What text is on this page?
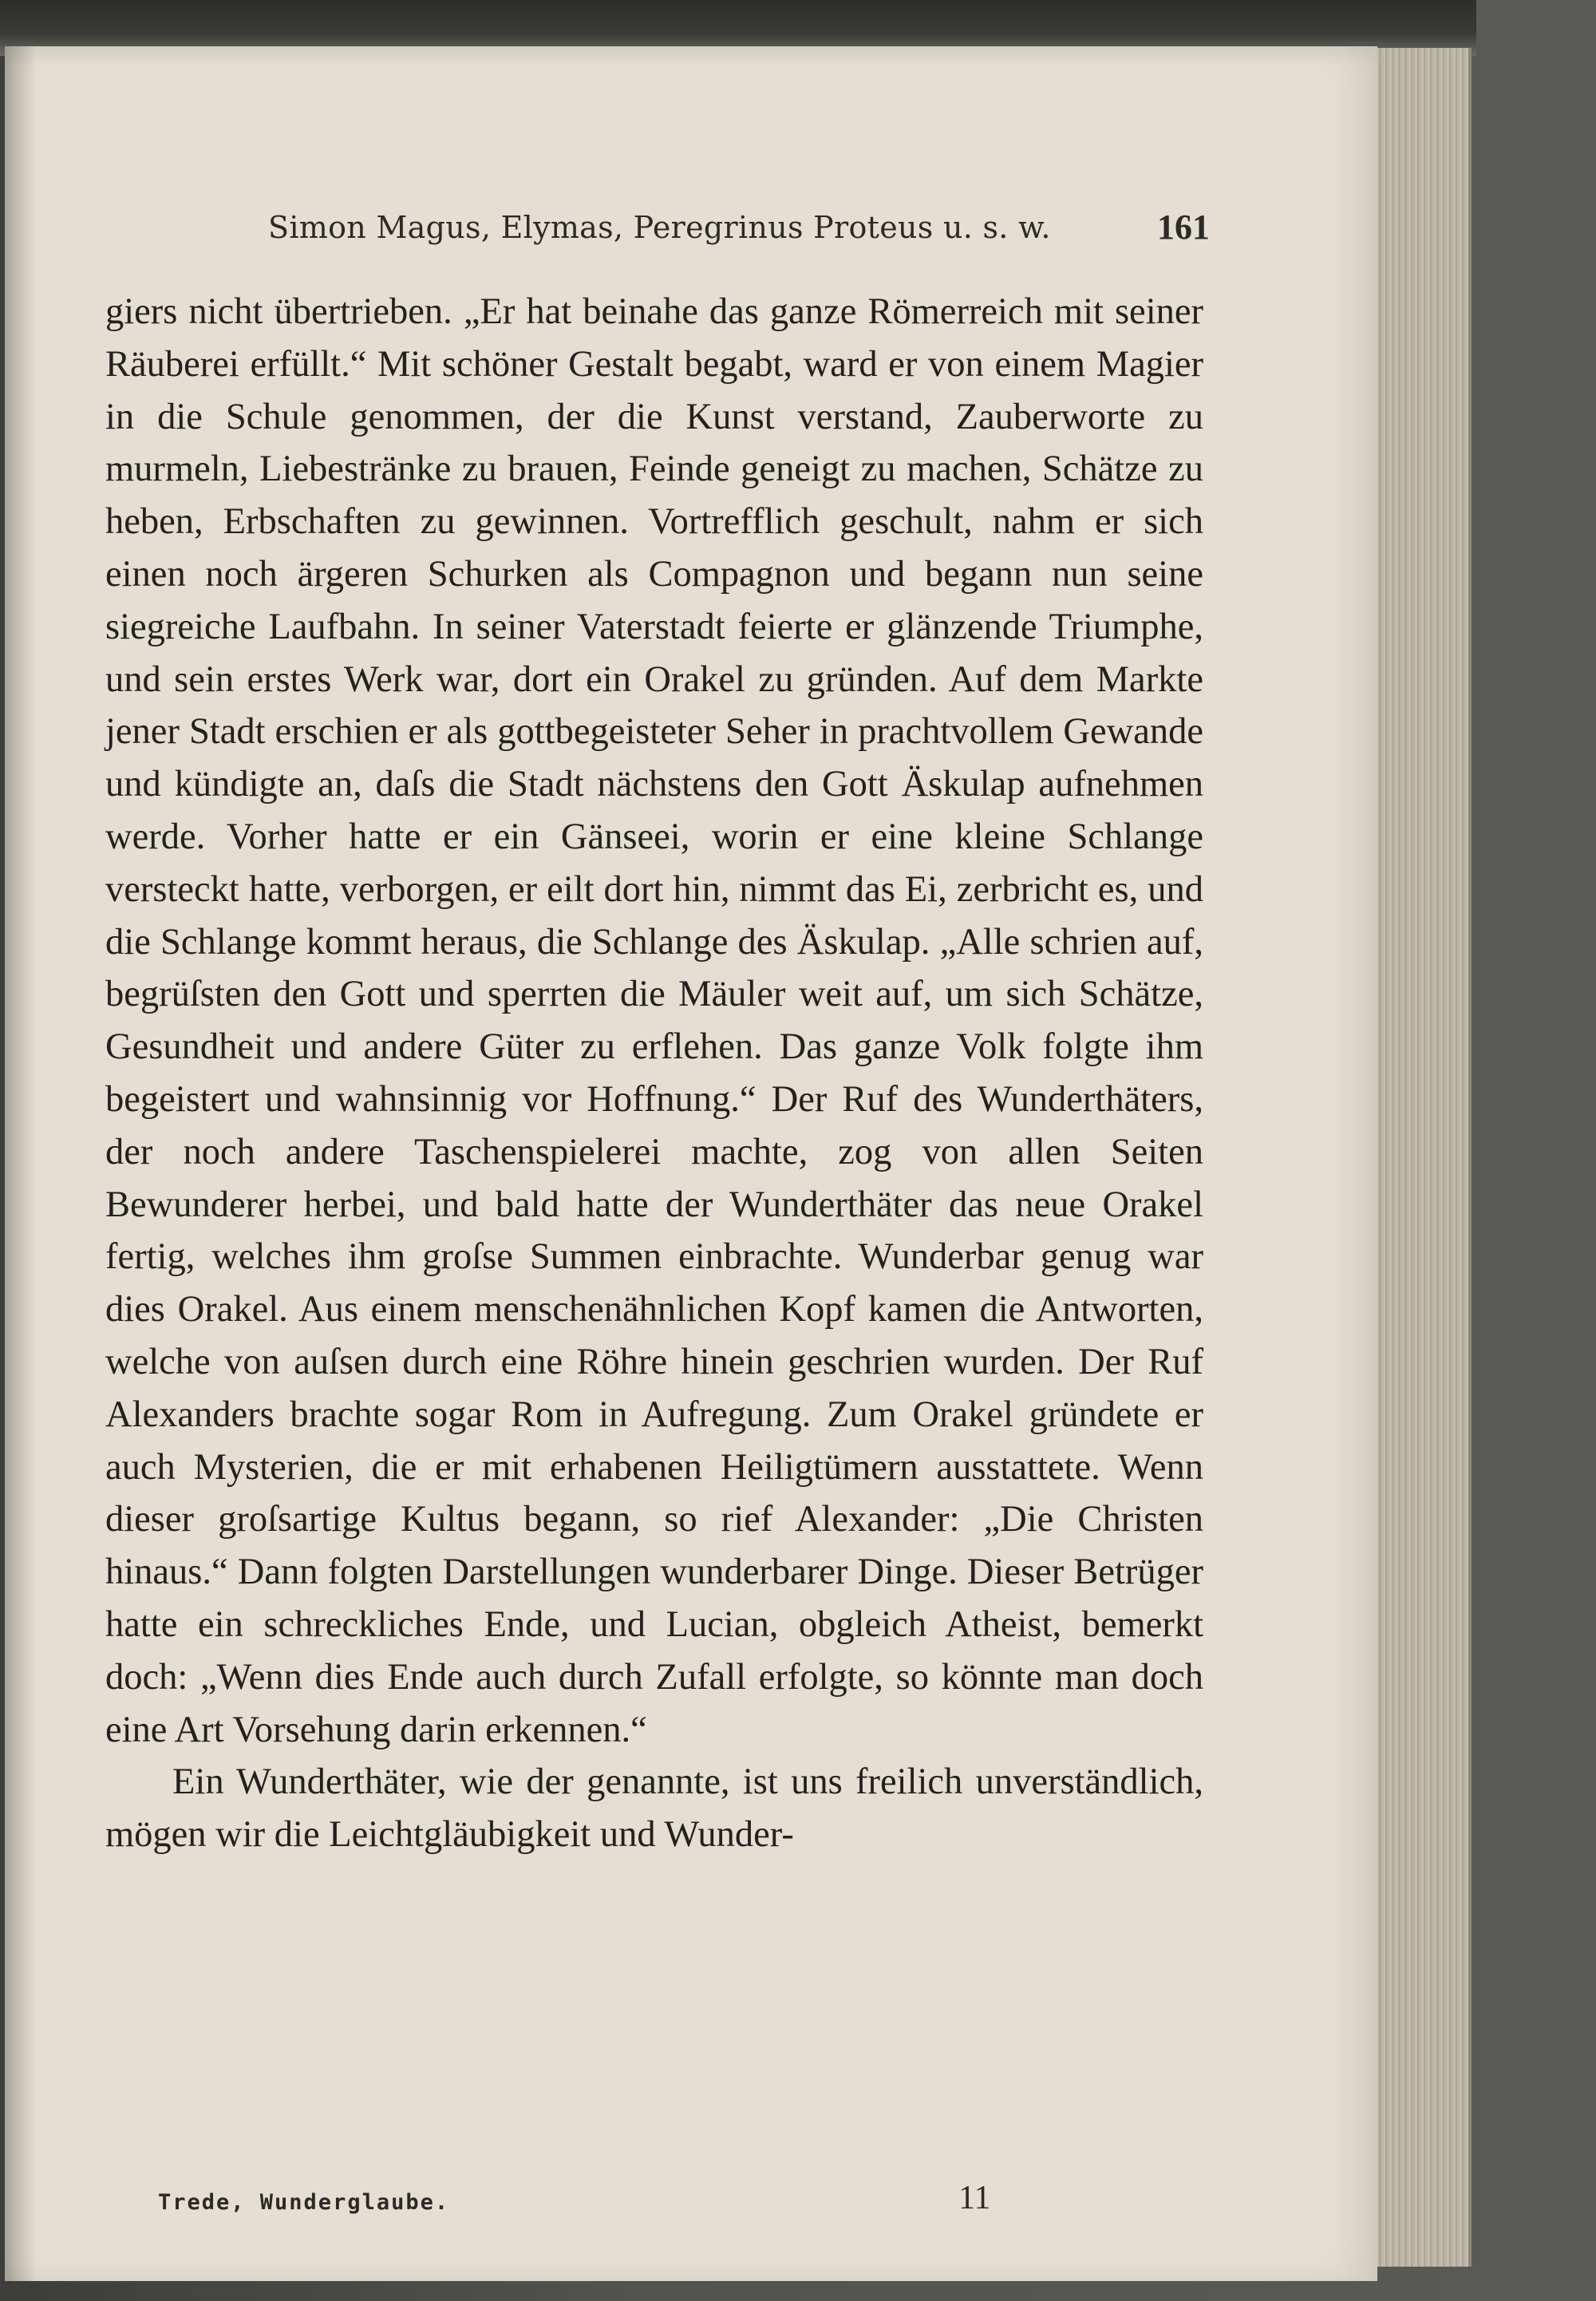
Simon Magus, Elymas, Peregrinus Proteus u. s. w.	161

giers nicht übertrieben. „Er hat beinahe das ganze Römerreich mit seiner Räuberei erfüllt.“ Mit schöner Gestalt begabt, ward er von einem Magier in die Schule genommen, der die Kunst verstand, Zauberworte zu murmeln, Liebestränke zu brauen, Feinde geneigt zu machen, Schätze zu heben, Erbschaften zu gewinnen. Vortrefflich geschult, nahm er sich einen noch ärgeren Schurken als Compagnon und begann nun seine siegreiche Laufbahn. In seiner Vaterstadt feierte er glänzende Triumphe, und sein erstes Werk war, dort ein Orakel zu gründen. Auf dem Markte jener Stadt erschien er als gottbegeisteter Seher in prachtvollem Gewande und kündigte an, daſs die Stadt nächstens den Gott Äskulap aufnehmen werde. Vorher hatte er ein Gänseei, worin er eine kleine Schlange versteckt hatte, verborgen, er eilt dort hin, nimmt das Ei, zerbricht es, und die Schlange kommt heraus, die Schlange des Äskulap. „Alle schrien auf, begrüſsten den Gott und sperrten die Mäuler weit auf, um sich Schätze, Gesundheit und andere Güter zu erflehen. Das ganze Volk folgte ihm begeistert und wahnsinnig vor Hoffnung.“ Der Ruf des Wunderthäters, der noch andere Taschenspielerei machte, zog von allen Seiten Bewunderer herbei, und bald hatte der Wunderthäter das neue Orakel fertig, welches ihm groſse Summen einbrachte. Wunderbar genug war dies Orakel. Aus einem menschenähnlichen Kopf kamen die Antworten, welche von auſsen durch eine Röhre hinein geschrien wurden. Der Ruf Alexanders brachte sogar Rom in Aufregung. Zum Orakel gründete er auch Mysterien, die er mit erhabenen Heiligtümern ausstattete. Wenn dieser groſsartige Kultus begann, so rief Alexander: „Die Christen hinaus.“ Dann folgten Darstellungen wunderbarer Dinge. Dieser Betrüger hatte ein schreckliches Ende, und Lucian, obgleich Atheist, bemerkt doch: „Wenn dies Ende auch durch Zufall erfolgte, so könnte man doch eine Art Vorsehung darin erkennen.“

Ein Wunderthäter, wie der genannte, ist uns freilich unverständlich, mögen wir die Leichtgläubigkeit und Wunder-

Trede, Wunderglaube.	11
